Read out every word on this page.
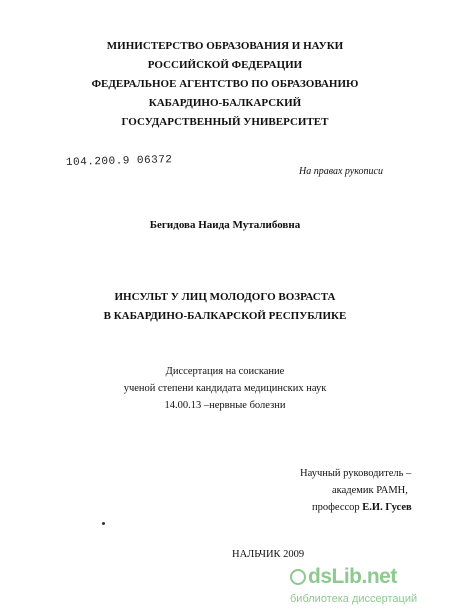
МИНИСТЕРСТВО ОБРАЗОВАНИЯ И НАУКИ
РОССИЙСКОЙ ФЕДЕРАЦИИ
ФЕДЕРАЛЬНОЕ АГЕНТСТВО ПО ОБРАЗОВАНИЮ
КАБАРДИНО-БАЛКАРСКИЙ
ГОСУДАРСТВЕННЫЙ УНИВЕРСИТЕТ
104.200.9 06372
На правах рукописи
Бегидова Наида Муталибовна
ИНСУЛЬТ У ЛИЦ МОЛОДОГО ВОЗРАСТА
В КАБАРДИНО-БАЛКАРСКОЙ РЕСПУБЛИКЕ
Диссертация на соискание
ученой степени кандидата медицинских наук
14.00.13 –нервные болезни
Научный руководитель –
академик РАМН,
профессор Е.И. Гусев
НАЛЬЧИК 2009
dsLib.net
библиотека диссертаций
